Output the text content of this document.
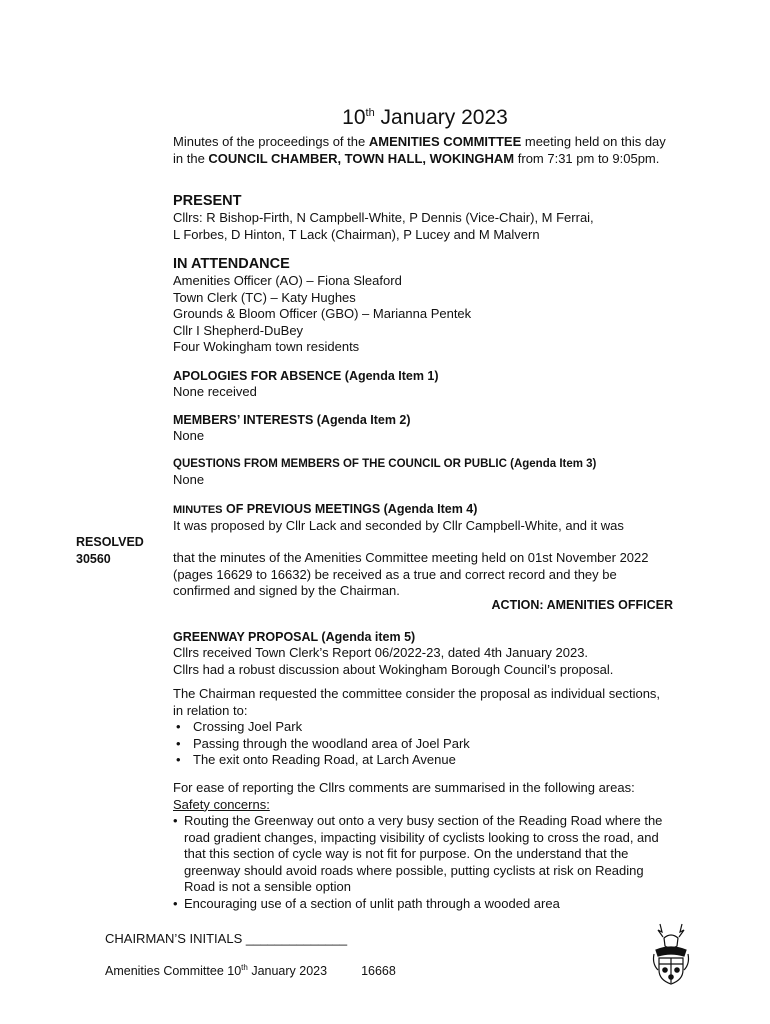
10th January 2023
Minutes of the proceedings of the AMENITIES COMMITTEE meeting held on this day in the COUNCIL CHAMBER, TOWN HALL, WOKINGHAM from 7:31 pm to 9:05pm.
PRESENT
Cllrs: R Bishop-Firth, N Campbell-White, P Dennis (Vice-Chair), M Ferrai,
L Forbes, D Hinton, T Lack (Chairman), P Lucey and M Malvern
IN ATTENDANCE
Amenities Officer (AO) – Fiona Sleaford
Town Clerk (TC) – Katy Hughes
Grounds & Bloom Officer (GBO) – Marianna Pentek
Cllr I Shepherd-DuBey
Four Wokingham town residents
APOLOGIES FOR ABSENCE (Agenda Item 1)
None received
MEMBERS’ INTERESTS (Agenda Item 2)
None
QUESTIONS FROM MEMBERS OF THE COUNCIL OR PUBLIC (Agenda Item 3)
None
MINUTES OF PREVIOUS MEETINGS (Agenda Item 4)
It was proposed by Cllr Lack and seconded by Cllr Campbell-White, and it was
RESOLVED
30560	that the minutes of the Amenities Committee meeting held on 01st November 2022 (pages 16629 to 16632) be received as a true and correct record and they be confirmed and signed by the Chairman.
ACTION: AMENITIES OFFICER
GREENWAY PROPOSAL (Agenda item 5)
Cllrs received Town Clerk’s Report 06/2022-23, dated 4th January 2023.
Cllrs had a robust discussion about Wokingham Borough Council’s proposal.

The Chairman requested the committee consider the proposal as individual sections, in relation to:

• Crossing Joel Park
• Passing through the woodland area of Joel Park
• The exit onto Reading Road, at Larch Avenue

For ease of reporting the Cllrs comments are summarised in the following areas:

Safety concerns:

• Routing the Greenway out onto a very busy section of the Reading Road where the road gradient changes, impacting visibility of cyclists looking to cross the road, and that this section of cycle way is not fit for purpose. On the understand that the greenway should avoid roads where possible, putting cyclists at risk on Reading Road is not a sensible option
• Encouraging use of a section of unlit path through a wooded area
CHAIRMAN’S INITIALS ______________
Amenities Committee 10th January 2023	16668
